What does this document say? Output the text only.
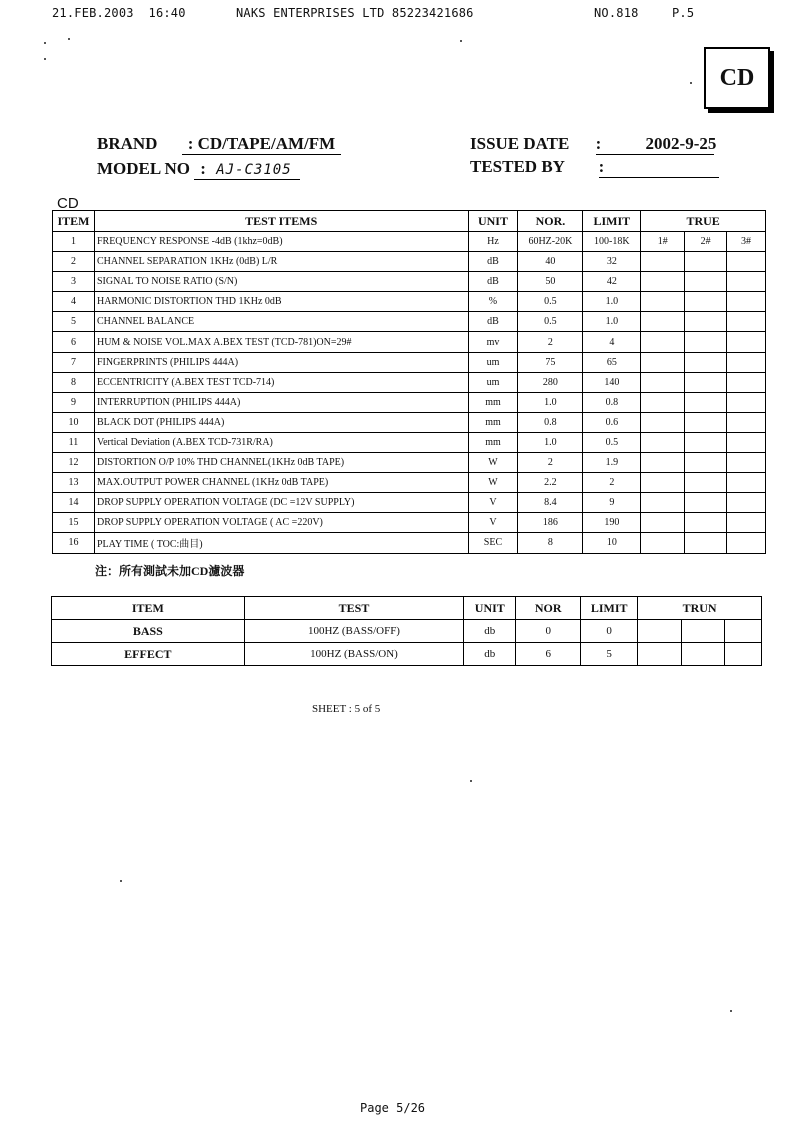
21.FEB.2003  16:40	NAKS ENTERPRISES LTD 85223421686	NO.818	P.5
CD
BRAND : CD/TAPE/AM/FM
MODEL NO : AJ-C3105
ISSUE DATE :	2002-9-25
TESTED BY :
CD
ITEM	TEST ITEMS	UNIT	NOR.	LIMIT	TRUE		
1	FREQUENCY RESPONSE -4dB (1khz=0dB)	Hz	60HZ-20K	100-18K	1#	2#	3#
2	CHANNEL SEPARATION 1KHz (0dB) L/R	dB	40	32			
3	SIGNAL TO NOISE RATIO (S/N)	dB	50	42			
4	HARMONIC DISTORTION THD 1KHz 0dB	%	0.5	1.0			
5	CHANNEL BALANCE	dB	0.5	1.0			
6	HUM & NOISE VOL.MAX A.BEX TEST (TCD-781)ON=29#	mv	2	4			
7	FINGERPRINTS (PHILIPS 444A)	um	75	65			
8	ECCENTRICITY (A.BEX TEST TCD-714)	um	280	140			
9	INTERRUPTION (PHILIPS 444A)	mm	1.0	0.8			
10	BLACK DOT (PHILIPS 444A)	mm	0.8	0.6			
11	Vertical Deviation (A.BEX TCD-731R/RA)	mm	1.0	0.5			
12	DISTORTION O/P 10% THD CHANNEL(1KHz 0dB TAPE)	W	2	1.9			
13	MAX.OUTPUT POWER CHANNEL (1KHz 0dB TAPE)	W	2.2	2			
14	DROP SUPPLY OPERATION VOLTAGE (DC =12V SUPPLY)	V	8.4	9			
15	DROP SUPPLY OPERATION VOLTAGE ( AC =220V)	V	186	190			
16	PLAY TIME ( TOC:曲目)	SEC	8	10			
注：所有測試未加CD濾波器
ITEM	TEST	UNIT	NOR	LIMIT	TRUN		
BASS	100HZ (BASS/OFF)	db	0	0			
EFFECT	100HZ (BASS/ON)	db	6	5			
SHEET : 5 of 5
Page 5/26
